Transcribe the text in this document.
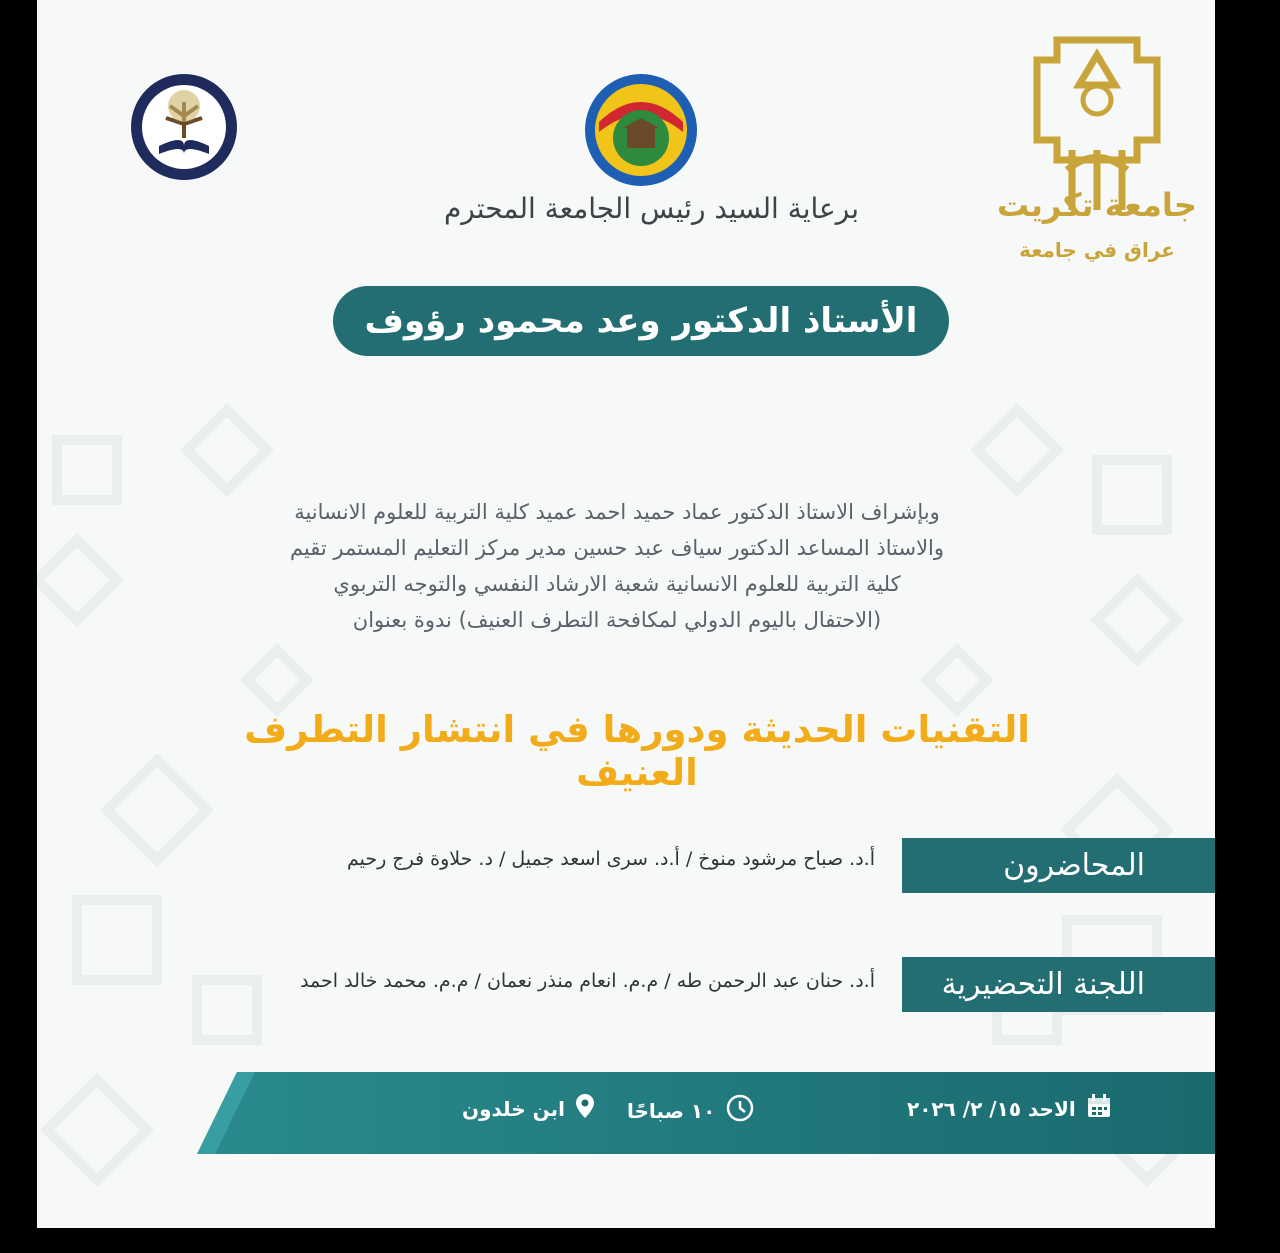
جامعة تكريت
عراق في جامعة
برعاية السيد رئيس الجامعة المحترم
الأستاذ الدكتور وعد محمود رؤوف
وبإشراف الاستاذ الدكتور عماد حميد احمد عميد كلية التربية للعلوم الانسانية
والاستاذ المساعد الدكتور سياف عبد حسين مدير مركز التعليم المستمر تقيم
كلية التربية للعلوم الانسانية شعبة الارشاد النفسي والتوجه التربوي
(الاحتفال باليوم الدولي لمكافحة التطرف العنيف) ندوة بعنوان
التقنيات الحديثة ودورها في انتشار التطرف العنيف
المحاضرون
أ.د. صباح مرشود منوخ / أ.د. سرى اسعد جميل / د. حلاوة فرج رحيم
اللجنة التحضيرية
أ.د. حنان عبد الرحمن طه / م.م. انعام منذر نعمان / م.م. محمد خالد احمد
الاحد ١٥/ ٢/ ٢٠٢٦
١٠ صباحًا
ابن خلدون
